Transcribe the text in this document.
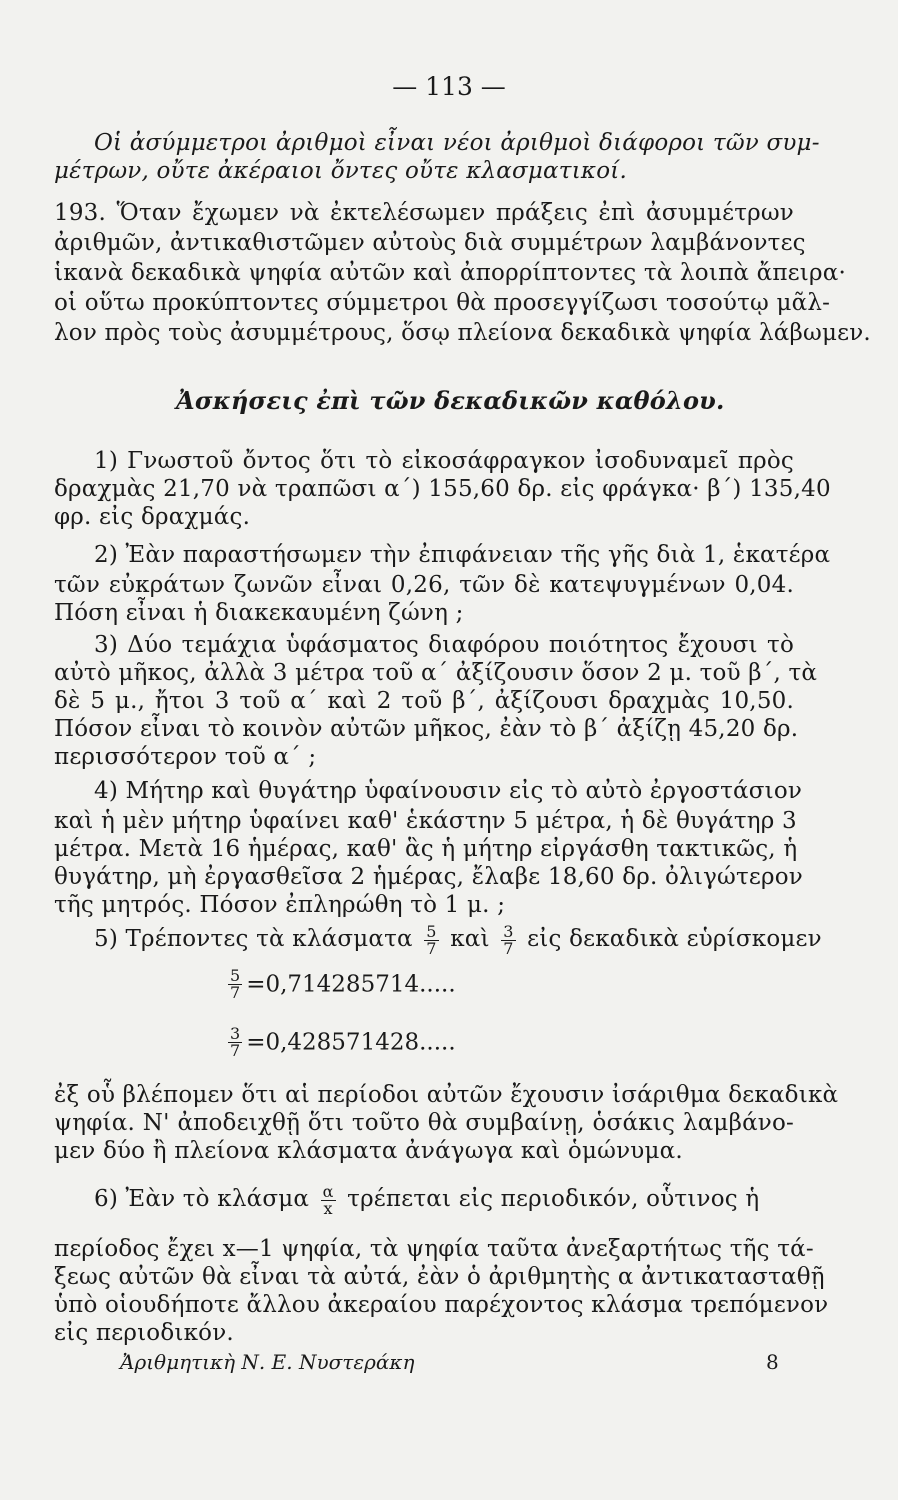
— 113 —
Οἱ ἀσύμμετροι ἀριθμοὶ εἶναι νέοι ἀριθμοὶ διάφοροι τῶν συμ-
μέτρων, οὔτε ἀκέραιοι ὄντες οὔτε κλασματικοί.
193. Ὅταν ἔχωμεν νὰ ἐκτελέσωμεν πράξεις ἐπὶ ἀσυμμέτρων
ἀριθμῶν, ἀντικαθιστῶμεν αὐτοὺς διὰ συμμέτρων λαμβάνοντες
ἱκανὰ δεκαδικὰ ψηφία αὐτῶν καὶ ἀπορρίπτοντες τὰ λοιπὰ ἄπειρα·
οἱ οὕτω προκύπτοντες σύμμετροι θὰ προσεγγίζωσι τοσούτῳ μᾶλ-
λον πρὸς τοὺς ἀσυμμέτρους, ὅσῳ πλείονα δεκαδικὰ ψηφία λάβωμεν.
Ἀσκήσεις ἐπὶ τῶν δεκαδικῶν καθόλου.
1) Γνωστοῦ ὄντος ὅτι τὸ εἰκοσάφραγκον ἰσοδυναμεῖ πρὸς
δραχμὰς 21,70 νὰ τραπῶσι α΄) 155,60 δρ. εἰς φράγκα· β΄) 135,40
φρ. εἰς δραχμάς.
2) Ἐὰν παραστήσωμεν τὴν ἐπιφάνειαν τῆς γῆς διὰ 1, ἑκατέρα
τῶν εὐκράτων ζωνῶν εἶναι 0,26, τῶν δὲ κατεψυγμένων 0,04.
Πόση εἶναι ἡ διακεκαυμένη ζώνη ;
3) Δύο τεμάχια ὑφάσματος διαφόρου ποιότητος ἔχουσι τὸ
αὐτὸ μῆκος, ἀλλὰ 3 μέτρα τοῦ α΄ ἀξίζουσιν ὅσον 2 μ. τοῦ β΄, τὰ
δὲ 5 μ., ἤτοι 3 τοῦ α΄ καὶ 2 τοῦ β΄, ἀξίζουσι δραχμὰς 10,50.
Πόσον εἶναι τὸ κοινὸν αὐτῶν μῆκος, ἐὰν τὸ β΄ ἀξίζῃ 45,20 δρ.
περισσότερον τοῦ α΄ ;
4) Μήτηρ καὶ θυγάτηρ ὑφαίνουσιν εἰς τὸ αὐτὸ ἐργοστάσιον
καὶ ἡ μὲν μήτηρ ὑφαίνει καθ' ἑκάστην 5 μέτρα, ἡ δὲ θυγάτηρ 3
μέτρα. Μετὰ 16 ἡμέρας, καθ' ἃς ἡ μήτηρ εἰργάσθη τακτικῶς, ἡ
θυγάτηρ, μὴ ἐργασθεῖσα 2 ἡμέρας, ἔλαβε 18,60 δρ. ὀλιγώτερον
τῆς μητρός. Πόσον ἐπληρώθη τὸ 1 μ. ;
5) Τρέποντες τὰ κλάσματα $\frac{5}{7}$ καὶ $\frac{3}{7}$ εἰς δεκαδικὰ εὑρίσκομεν
$\frac{5}{7} =0,714285714$.....
$\frac{3}{7} =0,428571428$.....
ἐξ οὗ βλέπομεν ὅτι αἱ περίοδοι αὐτῶν ἔχουσιν ἰσάριθμα δεκαδικὰ
ψηφία. Ν' ἀποδειχθῇ ὅτι τοῦτο θὰ συμβαίνῃ, ὁσάκις λαμβάνο-
μεν δύο ἢ πλείονα κλάσματα ἀνάγωγα καὶ ὁμώνυμα.
6) Ἐὰν τὸ κλάσμα $\frac{\alpha}{x}$ τρέπεται εἰς περιοδικόν, οὗτινος ἡ
περίοδος ἔχει x—1 ψηφία, τὰ ψηφία ταῦτα ἀνεξαρτήτως τῆς τά-
ξεως αὐτῶν θὰ εἶναι τὰ αὐτά, ἐὰν ὁ ἀριθμητὴς α ἀντικατασταθῇ
ὑπὸ οἱουδήποτε ἄλλου ἀκεραίου παρέχοντος κλάσμα τρεπόμενον
εἰς περιοδικόν.
Ἀριθμητικὴ Ν. Ε. Νυστεράκη	8
